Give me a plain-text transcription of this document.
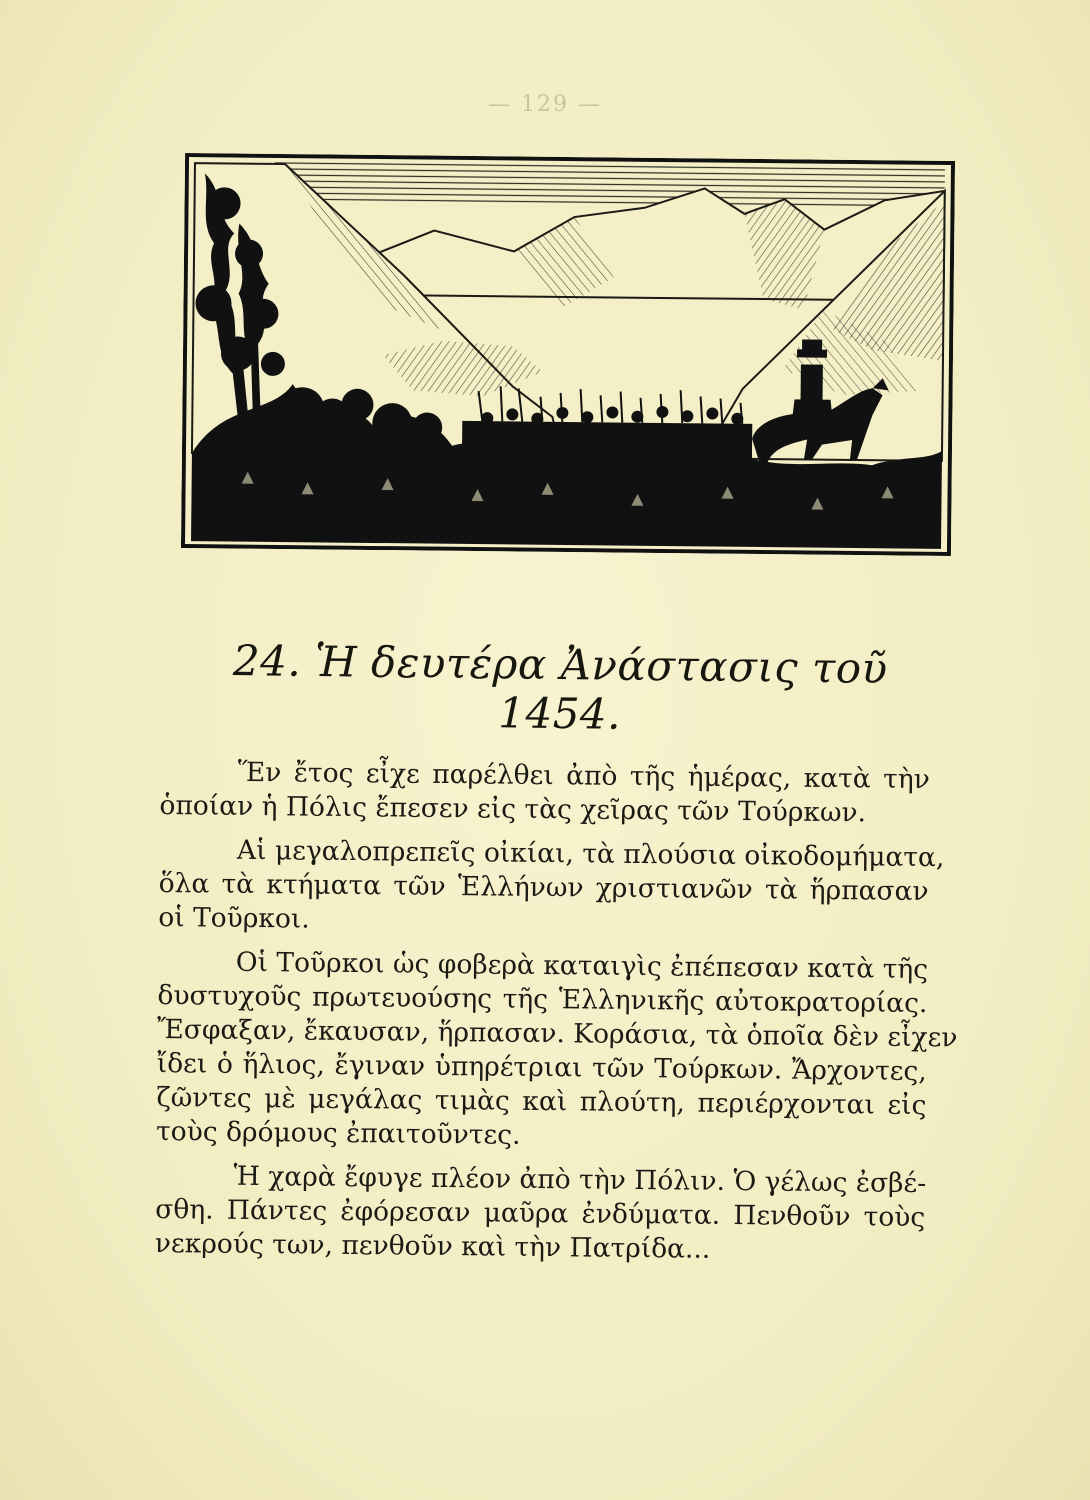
— 129 —
24. Ἡ δευτέρα Ἀνάστασις τοῦ 1454.

Ἕν ἔτος εἶχε παρέλθει ἀπὸ τῆς ἡμέρας, κατὰ τὴν
ὁποίαν ἡ Πόλις ἔπεσεν εἰς τὰς χεῖρας τῶν Τούρκων.

Αἱ μεγαλοπρεπεῖς οἰκίαι, τὰ πλούσια οἰκοδομήματα,
ὅλα τὰ κτήματα τῶν Ἑλλήνων χριστιανῶν τὰ ἥρπασαν
οἱ Τοῦρκοι.

Οἱ Τοῦρκοι ὡς φοβερὰ καταιγὶς ἐπέπεσαν κατὰ τῆς
δυστυχοῦς πρωτευούσης τῆς Ἑλληνικῆς αὐτοκρατορίας.
Ἔσφαξαν, ἔκαυσαν, ἥρπασαν. Κοράσια, τὰ ὁποῖα δὲν εἶχεν
ἴδει ὁ ἥλιος, ἔγιναν ὑπηρέτριαι τῶν Τούρκων. Ἄρχοντες,
ζῶντες μὲ μεγάλας τιμὰς καὶ πλούτη, περιέρχονται εἰς
τοὺς δρόμους ἐπαιτοῦντες.

Ἡ χαρὰ ἔφυγε πλέον ἀπὸ τὴν Πόλιν. Ὁ γέλως ἐσβέ-
σθη. Πάντες ἐφόρεσαν μαῦρα ἐνδύματα. Πενθοῦν τοὺς
νεκρούς των, πενθοῦν καὶ τὴν Πατρίδα...
